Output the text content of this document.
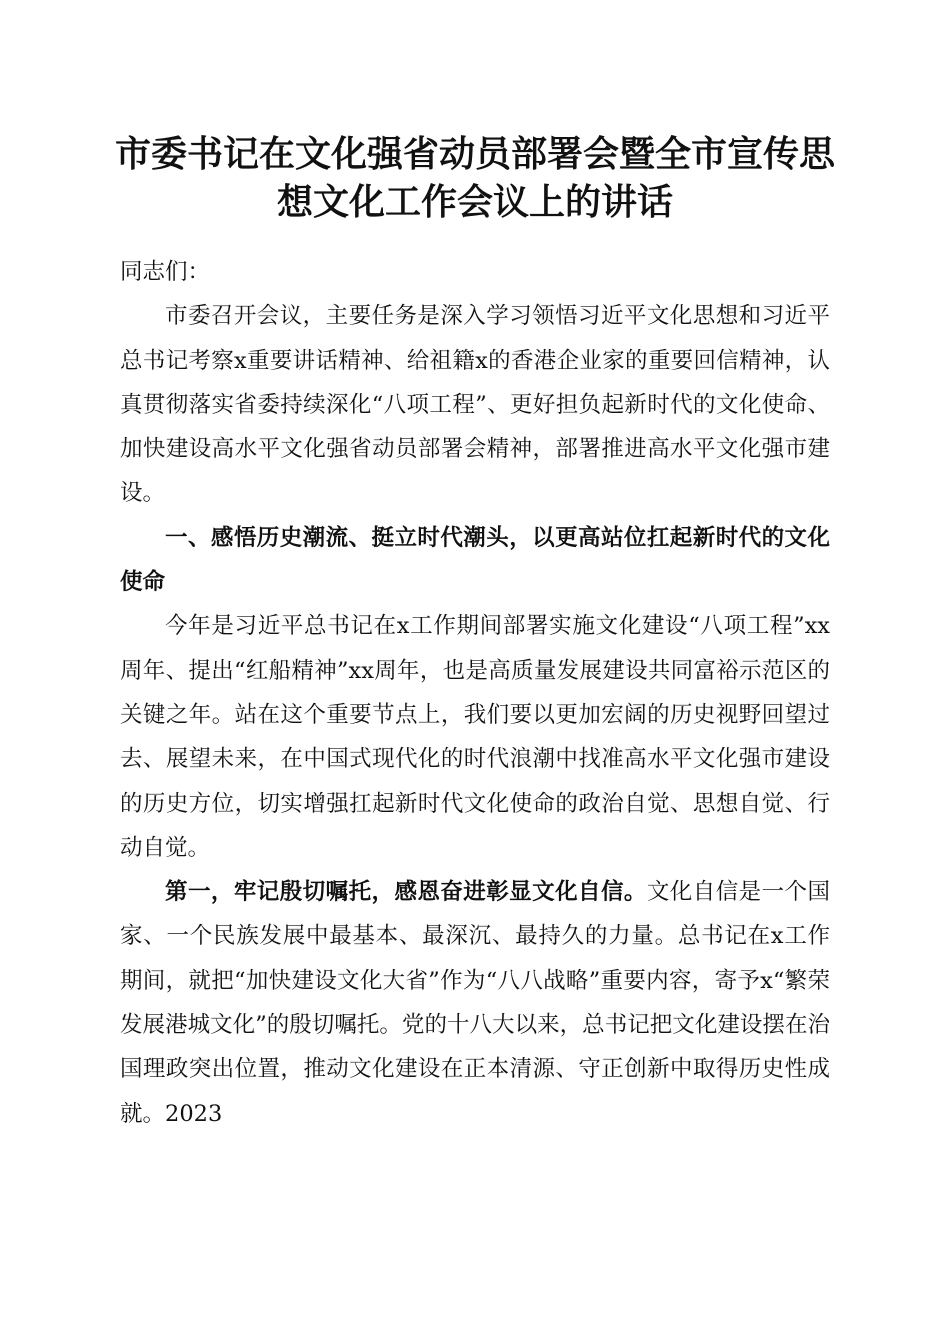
市委书记在文化强省动员部署会暨全市宣传思
想文化工作会议上的讲话

同志们：

市委召开会议，主要任务是深入学习领悟习近平文化思想和习近平总书记考察x重要讲话精神、给祖籍x的香港企业家的重要回信精神，认真贯彻落实省委持续深化“八项工程”、更好担负起新时代的文化使命、加快建设高水平文化强省动员部署会精神，部署推进高水平文化强市建设。

一、感悟历史潮流、挺立时代潮头，以更高站位扛起新时代的文化使命

今年是习近平总书记在x工作期间部署实施文化建设“八项工程”xx周年、提出“红船精神”xx周年，也是高质量发展建设共同富裕示范区的关键之年。站在这个重要节点上，我们要以更加宏阔的历史视野回望过去、展望未来，在中国式现代化的时代浪潮中找准高水平文化强市建设的历史方位，切实增强扛起新时代文化使命的政治自觉、思想自觉、行动自觉。

第一，牢记殷切嘱托，感恩奋进彰显文化自信。文化自信是一个国家、一个民族发展中最基本、最深沉、最持久的力量。总书记在x工作期间，就把“加快建设文化大省”作为“八八战略”重要内容，寄予x“繁荣发展港城文化”的殷切嘱托。党的十八大以来，总书记把文化建设摆在治国理政突出位置，推动文化建设在正本清源、守正创新中取得历史性成就。2023
